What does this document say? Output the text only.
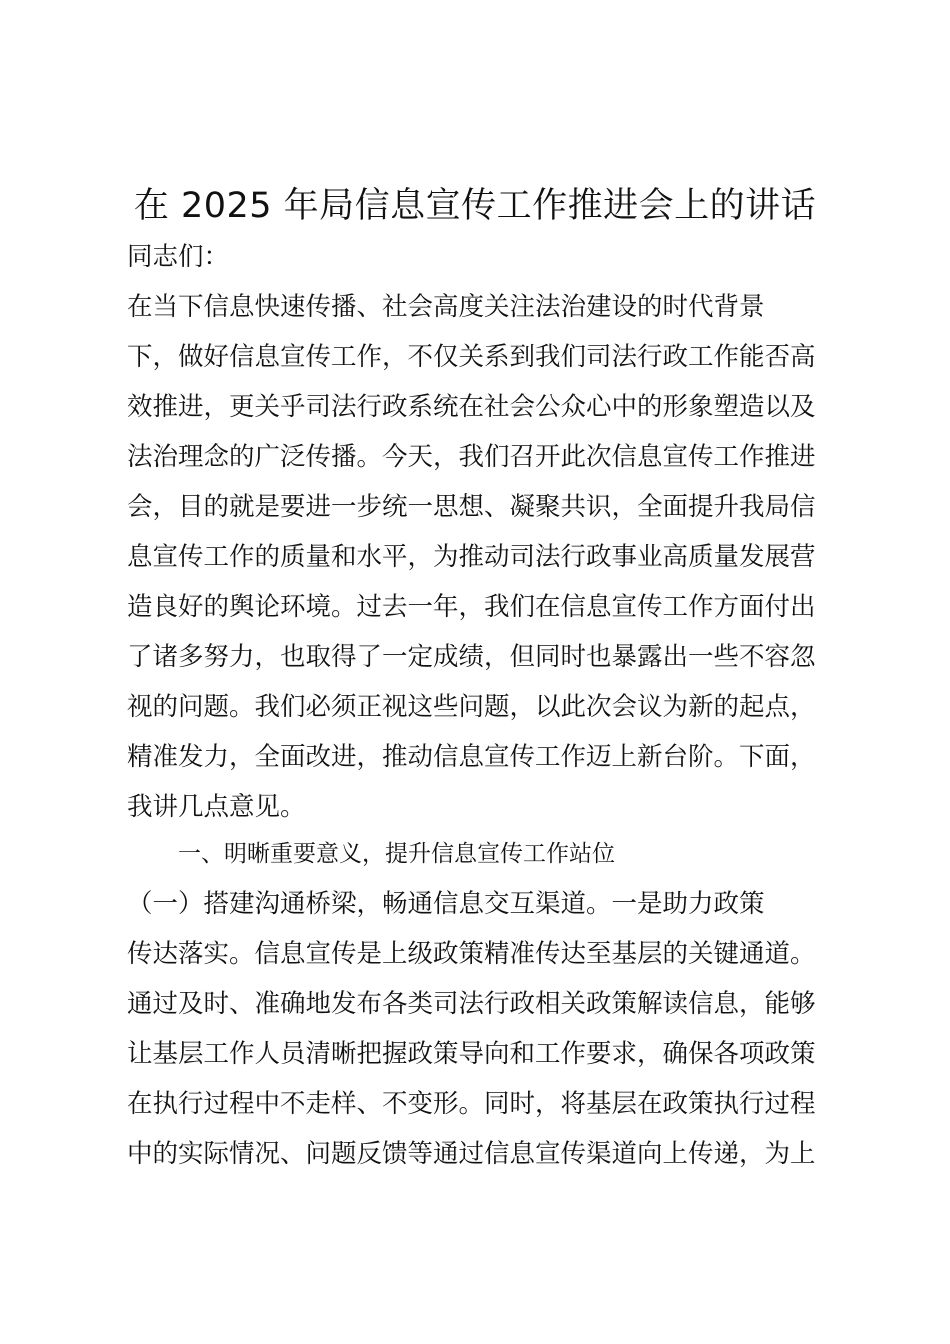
在 2025 年局信息宣传工作推进会上的讲话

同志们：

在当下信息快速传播、社会高度关注法治建设的时代背景
下，做好信息宣传工作，不仅关系到我们司法行政工作能否高
效推进，更关乎司法行政系统在社会公众心中的形象塑造以及
法治理念的广泛传播。今天，我们召开此次信息宣传工作推进
会，目的就是要进一步统一思想、凝聚共识，全面提升我局信
息宣传工作的质量和水平，为推动司法行政事业高质量发展营
造良好的舆论环境。过去一年，我们在信息宣传工作方面付出
了诸多努力，也取得了一定成绩，但同时也暴露出一些不容忽
视的问题。我们必须正视这些问题，以此次会议为新的起点，
精准发力，全面改进，推动信息宣传工作迈上新台阶。下面，
我讲几点意见。

一、明晰重要意义，提升信息宣传工作站位

（一）搭建沟通桥梁，畅通信息交互渠道。一是助力政策
传达落实。信息宣传是上级政策精准传达至基层的关键通道。
通过及时、准确地发布各类司法行政相关政策解读信息，能够
让基层工作人员清晰把握政策导向和工作要求，确保各项政策
在执行过程中不走样、不变形。同时，将基层在政策执行过程
中的实际情况、问题反馈等通过信息宣传渠道向上传递，为上
